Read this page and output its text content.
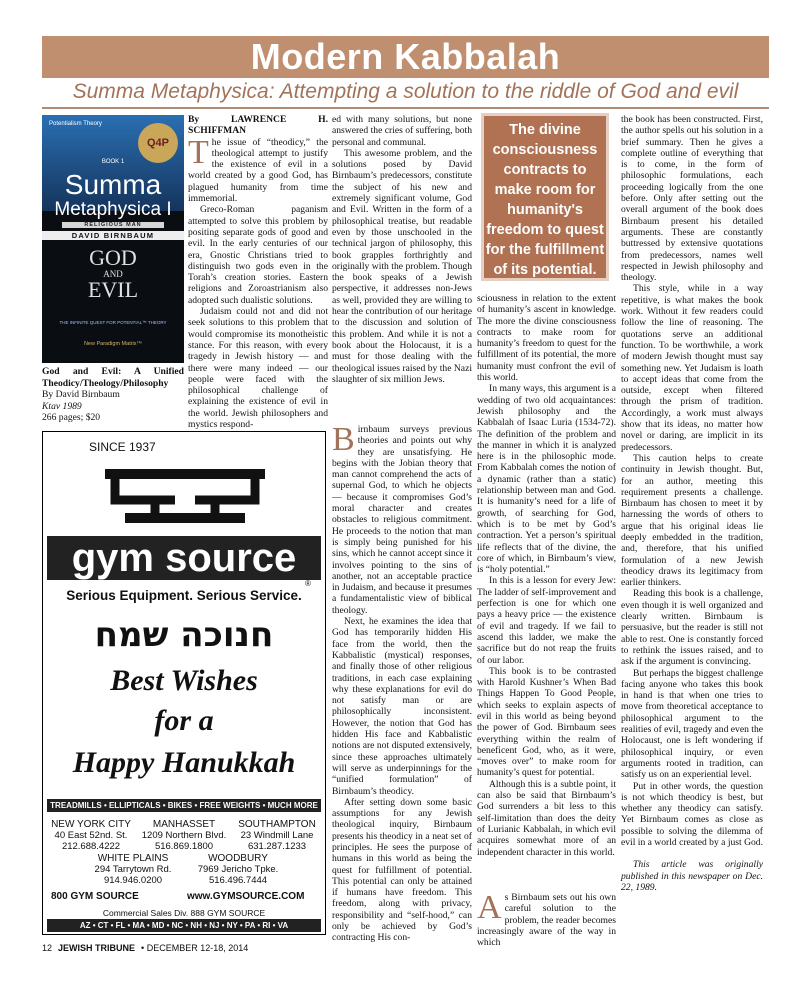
Modern Kabbalah
Summa Metaphysica: Attempting a solution to the riddle of God and evil
Potentialism Theory
Q4P
BOOK 1
Summa
Metaphysica I
RELIGIOUS MAN
DAVID BIRNBAUM
GOD
AND
EVIL
THE INFINITE QUEST FOR POTENTIAL™ THEORY
New Paradigm Matrix™
God and Evil: A Unified Theodicy/Theology/Philosophy
By David Birnbaum
Ktav 1989
266 pages; $20
SINCE 1937
gym source
®
Serious Equipment. Serious Service.
חנוכה שמח
Best Wishes
for a
Happy Hanukkah
TREADMILLS • ELLIPTICALS • BIKES • FREE WEIGHTS • MUCH MORE
NEW YORK CITY
40 East 52nd. St.
212.688.4222
MANHASSET
1209 Northern Blvd.
516.869.1800
SOUTHAMPTON
23 Windmill Lane
631.287.1233
WHITE PLAINS
294 Tarrytown Rd.
914.946.0200
WOODBURY
7969 Jericho Tpke.
516.496.7444
800 GYM SOURCE	www.GYMSOURCE.COM
Commercial Sales Div. 888 GYM SOURCE
AZ • CT • FL • MA • MD • NC • NH • NJ • NY • PA • RI • VA
By LAWRENCE H. SCHIFFMAN

The issue of “theodicy,” the theological attempt to justify the existence of evil in a world created by a good God, has plagued humanity from time immemorial.

Greco-Roman paganism attempted to solve this problem by positing separate gods of good and evil. In the early centuries of our era, Gnostic Christians tried to distinguish two gods even in the Torah’s creation stories. Eastern religions and Zoroastrianism also adopted such dualistic solutions.

Judaism could not and did not seek solutions to this problem that would compromise its monotheistic stance. For this reason, with every tragedy in Jewish history — and there were many indeed — our people were faced with the philosophical challenge of explaining the existence of evil in the world. Jewish philosophers and mystics respond-

ed with many solutions, but none answered the cries of suffering, both personal and communal.

This awesome problem, and the solutions posed by David Birnbaum’s predecessors, constitute the subject of his new and extremely significant volume, God and Evil. Written in the form of a philosophical treatise, but readable even by those unschooled in the technical jargon of philosophy, this book grapples forthrightly and originally with the problem. Though the book speaks of a Jewish perspective, it addresses non-Jews as well, provided they are willing to hear the contribution of our heritage to the discussion and solution of this problem. And while it is not a book about the Holocaust, it is a must for those dealing with the theological issues raised by the Nazi slaughter of six million Jews.

Birnbaum surveys previous theories and points out why they are unsatisfying. He begins with the Jobian theory that man cannot comprehend the acts of supernal God, to which he objects — because it compromises God’s moral character and creates obstacles to religious commitment. He proceeds to the notion that man is simply being punished for his sins, which he cannot accept since it involves pointing to the sins of another, not an acceptable practice in Judaism, and because it presumes a fundamentalistic view of biblical theology.

Next, he examines the idea that God has temporarily hidden His face from the world, then the Kabbalistic (mystical) responses, and finally those of other religious traditions, in each case explaining why these explanations for evil do not satisfy man or are philosophically inconsistent. However, the notion that God has hidden His face and Kabbalistic notions are not disputed extensively, since these approaches ultimately will serve as underpinnings for the “unified formulation” of Birnbaum’s theodicy.

After setting down some basic assumptions for any Jewish theological inquiry, Birnbaum presents his theodicy in a neat set of principles. He sees the purpose of humans in this world as being the quest for fulfillment of potential. This potential can only be attained if humans have freedom. This freedom, along with privacy, responsibility and “self-hood,” can only be achieved by God’s contracting His con-

The divine consciousness contracts to make room for humanity's freedom to quest for the fulfillment of its potential.

sciousness in relation to the extent of humanity’s ascent in knowledge. The more the divine consciousness contracts to make room for humanity’s freedom to quest for the fulfillment of its potential, the more humanity must confront the evil of this world.

In many ways, this argument is a wedding of two old acquaintances: Jewish philosophy and the Kabbalah of Isaac Luria (1534-72). The definition of the problem and the manner in which it is analyzed here is in the philosophic mode. From Kabbalah comes the notion of a dynamic (rather than a static) relationship between man and God. It is humanity’s need for a life of growth, of searching for God, which is to be met by God’s contraction. Yet a person’s spiritual life reflects that of the divine, the core of which, in Birnbaum’s view, is “holy potential.”

In this is a lesson for every Jew: The ladder of self-improvement and perfection is one for which one pays a heavy price — the existence of evil and tragedy. If we fail to ascend this ladder, we make the sacrifice but do not reap the fruits of our labor.

This book is to be contrasted with Harold Kushner’s When Bad Things Happen To Good People, which seeks to explain aspects of evil in this world as being beyond the power of God. Birnbaum sees everything within the realm of beneficent God, who, as it were, “moves over” to make room for humanity’s quest for potential.

Although this is a subtle point, it can also be said that Birnbaum’s God surrenders a bit less to this self-limitation than does the deity of Lurianic Kabbalah, in which evil acquires somewhat more of an independent character in this world.

As Birnbaum sets out his own careful solution to the problem, the reader becomes increasingly aware of the way in which

the book has been constructed. First, the author spells out his solution in a brief summary. Then he gives a complete outline of everything that is to come, in the form of philosophic formulations, each proceeding logically from the one before. Only after setting out the overall argument of the book does Birnbaum present his detailed arguments. These are constantly buttressed by extensive quotations from predecessors, names well respected in Jewish philosophy and theology.

This style, while in a way repetitive, is what makes the book work. Without it few readers could follow the line of reasoning. The quotations serve an additional function. To be worthwhile, a work of modern Jewish thought must say something new. Yet Judaism is loath to accept ideas that come from the outside, except when filtered through the prism of tradition. Accordingly, a work must always show that its ideas, no matter how novel or daring, are implicit in its predecessors.

This caution helps to create continuity in Jewish thought. But, for an author, meeting this requirement presents a challenge. Birnbaum has chosen to meet it by harnessing the words of others to argue that his original ideas lie deeply embedded in the tradition, and, therefore, that his unified formulation of a new Jewish theodicy draws its legitimacy from earlier thinkers.

Reading this book is a challenge, even though it is well organized and clearly written. Birnbaum is persuasive, but the reader is still not able to rest. One is constantly forced to rethink the issues raised, and to ask if the argument is convincing.

But perhaps the biggest challenge facing anyone who takes this book in hand is that when one tries to move from theoretical acceptance to philosophical argument to the realities of evil, tragedy and even the Holocaust, one is left wondering if philosophical inquiry, or even arguments rooted in tradition, can satisfy us on an experiential level.

Put in other words, the question is not which theodicy is best, but whether any theodicy can satisfy. Yet Birnbaum comes as close as possible to solving the dilemma of evil in a world created by a just God.

This article was originally published in this newspaper on Dec. 22, 1989.

12 JEWISH TRIBUNE • DECEMBER 12-18, 2014
